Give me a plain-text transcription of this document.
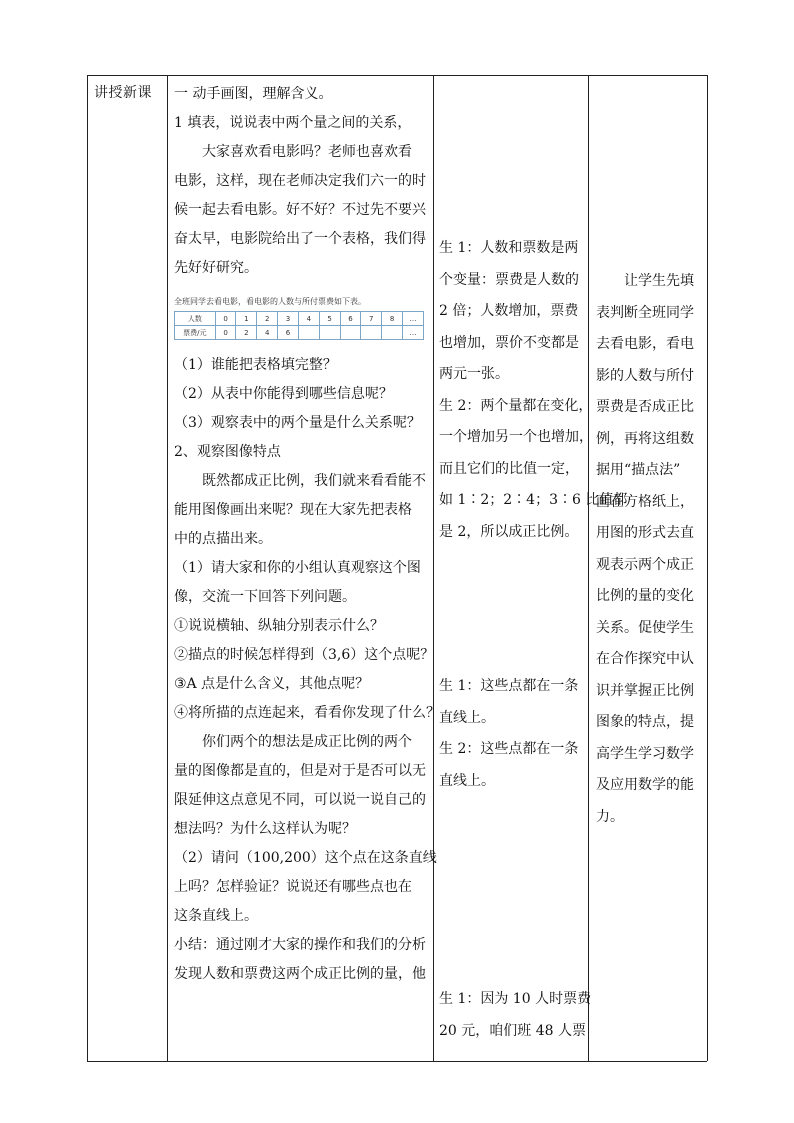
讲授新课 一 动手画图，理解含义。

1 填表，说说表中两个量之间的关系，

大家喜欢看电影吗？老师也喜欢看

电影，这样，现在老师决定我们六一的时

候一起去看电影。好不好？不过先不要兴

奋太早，电影院给出了一个表格，我们得

先好好研究。

（1）谁能把表格填完整？

（2）从表中你能得到哪些信息呢？

（3）观察表中的两个量是什么关系呢？

2、观察图像特点

既然都成正比例，我们就来看看能不

能用图像画出来呢？现在大家先把表格

中的点描出来。

（1）请大家和你的小组认真观察这个图

像，交流一下回答下列问题。

①说说横轴、纵轴分别表示什么？

②描点的时候怎样得到（3,6）这个点呢？

③A 点是什么含义，其他点呢？

④将所描的点连起来，看看你发现了什么？

你们两个的想法是成正比例的两个

量的图像都是直的，但是对于是否可以无

限延伸这点意见不同，可以说一说自己的

想法吗？为什么这样认为呢？

（2）请问（100,200）这个点在这条直线

上吗？怎样验证？说说还有哪些点也在

这条直线上。

小结：通过刚才大家的操作和我们的分析

发现人数和票费这两个成正比例的量，他

全班同学去看电影，看电影的人数与所付票费如下表。

人数	0	1	2	3	4	5	6	7	8	…
票费/元	0	2	4	6						…

生 1：人数和票数是两

个变量：票费是人数的

2 倍；人数增加，票费

也增加，票价不变都是

两元一张。

生 2：两个量都在变化，

一个增加另一个也增加，

而且它们的比值一定，

如 1∶2；2∶4；3∶6 比值都

是 2，所以成正比例。

生 1：这些点都在一条

直线上。

生 2：这些点都在一条

直线上。

生 1：因为 10 人时票费

20 元，咱们班 48 人票

让学生先填

表判断全班同学

去看电影，看电

影的人数与所付

票费是否成正比

例，再将这组数

据用“描点法”

画在方格纸上，

用图的形式去直

观表示两个成正

比例的量的变化

关系。促使学生

在合作探究中认

识并掌握正比例

图象的特点，提

高学生学习数学

及应用数学的能

力。
